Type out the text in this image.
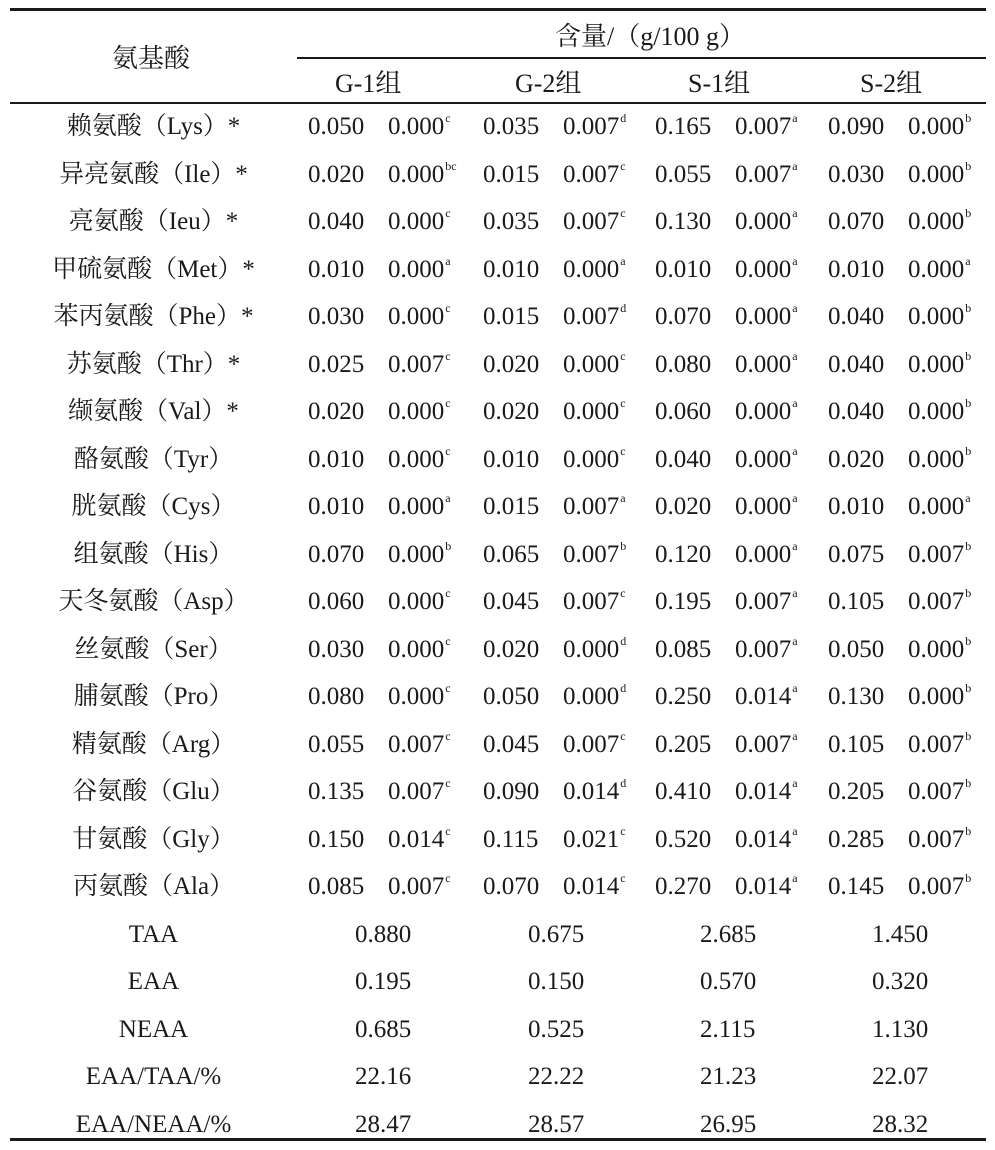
氨基酸
含量/（g/100 g）
G-1组	G-2组	S-1组	S-2组
赖氨酸（Lys）*	0.050 0.000$^c$ 0.035 0.007$^d$ 0.165 0.007$^a$ 0.090 0.000$^b$
异亮氨酸（Ile）*	0.020 0.000$^{bc}$ 0.015 0.007$^c$ 0.055 0.007$^a$ 0.030 0.000$^b$
亮氨酸（Ieu）*	0.040 0.000$^c$ 0.035 0.007$^c$ 0.130 0.000$^a$ 0.070 0.000$^b$
甲硫氨酸（Met）*	0.010 0.000$^a$ 0.010 0.000$^a$ 0.010 0.000$^a$ 0.010 0.000$^a$
苯丙氨酸（Phe）*	0.030 0.000$^c$ 0.015 0.007$^d$ 0.070 0.000$^a$ 0.040 0.000$^b$
苏氨酸（Thr）*	0.025 0.007$^c$ 0.020 0.000$^c$ 0.080 0.000$^a$ 0.040 0.000$^b$
缬氨酸（Val）*	0.020 0.000$^c$ 0.020 0.000$^c$ 0.060 0.000$^a$ 0.040 0.000$^b$
酪氨酸（Tyr）	0.010 0.000$^c$ 0.010 0.000$^c$ 0.040 0.000$^a$ 0.020 0.000$^b$
胱氨酸（Cys）	0.010 0.000$^a$ 0.015 0.007$^a$ 0.020 0.000$^a$ 0.010 0.000$^a$
组氨酸（His）	0.070 0.000$^b$ 0.065 0.007$^b$ 0.120 0.000$^a$ 0.075 0.007$^b$
天冬氨酸（Asp）	0.060 0.000$^c$ 0.045 0.007$^c$ 0.195 0.007$^a$ 0.105 0.007$^b$
丝氨酸（Ser）	0.030 0.000$^c$ 0.020 0.000$^d$ 0.085 0.007$^a$ 0.050 0.000$^b$
脯氨酸（Pro）	0.080 0.000$^c$ 0.050 0.000$^d$ 0.250 0.014$^a$ 0.130 0.000$^b$
精氨酸（Arg）	0.055 0.007$^c$ 0.045 0.007$^c$ 0.205 0.007$^a$ 0.105 0.007$^b$
谷氨酸（Glu）	0.135 0.007$^c$ 0.090 0.014$^d$ 0.410 0.014$^a$ 0.205 0.007$^b$
甘氨酸（Gly）	0.150 0.014$^c$ 0.115 0.021$^c$ 0.520 0.014$^a$ 0.285 0.007$^b$
丙氨酸（Ala）	0.085 0.007$^c$ 0.070 0.014$^c$ 0.270 0.014$^a$ 0.145 0.007$^b$
TAA	0.880	0.675	2.685	1.450
EAA	0.195	0.150	0.570	0.320
NEAA	0.685	0.525	2.115	1.130
EAA/TAA/%	22.16	22.22	21.23	22.07
EAA/NEAA/%	28.47	28.57	26.95	28.32
